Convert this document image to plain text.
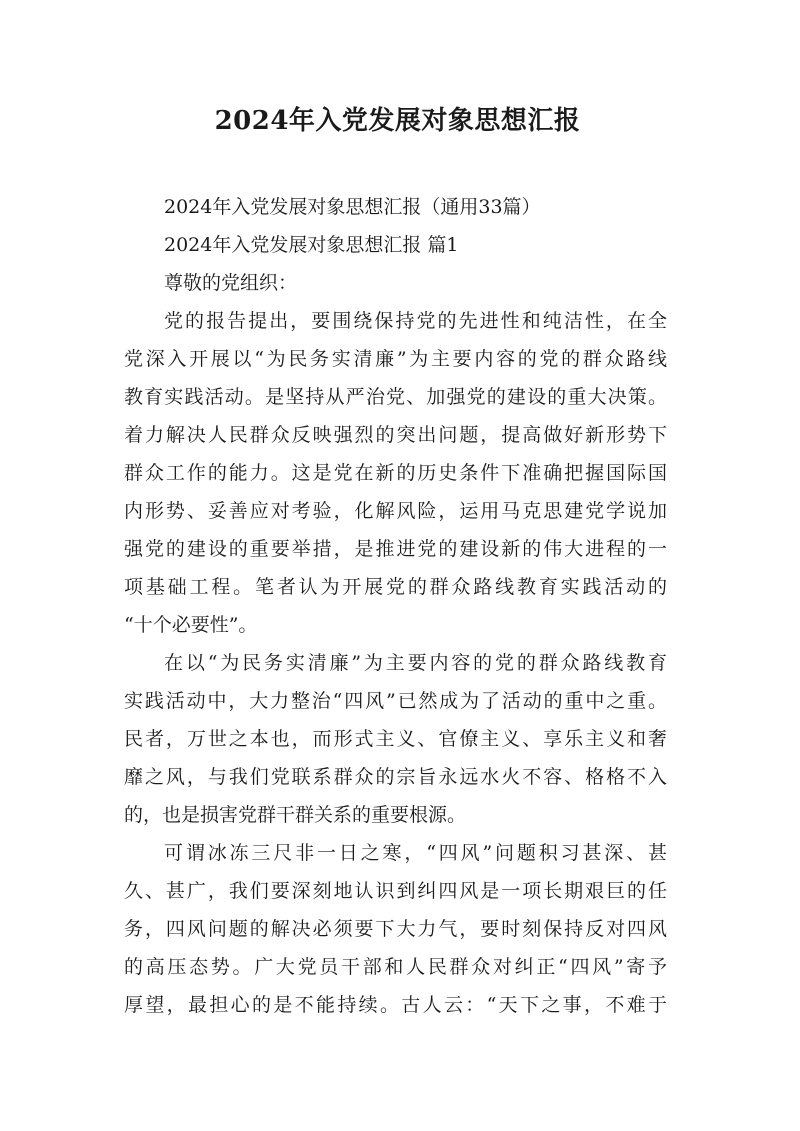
2024年入党发展对象思想汇报
2024年入党发展对象思想汇报（通用33篇）
2024年入党发展对象思想汇报 篇1
尊敬的党组织：
党的报告提出，要围绕保持党的先进性和纯洁性，在全
党深入开展以“为民务实清廉”为主要内容的党的群众路线
教育实践活动。是坚持从严治党、加强党的建设的重大决策。
着力解决人民群众反映强烈的突出问题，提高做好新形势下
群众工作的能力。这是党在新的历史条件下准确把握国际国
内形势、妥善应对考验，化解风险，运用马克思建党学说加
强党的建设的重要举措，是推进党的建设新的伟大进程的一
项基础工程。笔者认为开展党的群众路线教育实践活动的
“十个必要性”。
在以“为民务实清廉”为主要内容的党的群众路线教育
实践活动中，大力整治“四风”已然成为了活动的重中之重。
民者，万世之本也，而形式主义、官僚主义、享乐主义和奢
靡之风，与我们党联系群众的宗旨永远水火不容、格格不入
的，也是损害党群干群关系的重要根源。
可谓冰冻三尺非一日之寒，“四风”问题积习甚深、甚
久、甚广，我们要深刻地认识到纠四风是一项长期艰巨的任
务，四风问题的解决必须要下大力气，要时刻保持反对四风
的高压态势。广大党员干部和人民群众对纠正“四风”寄予
厚望，最担心的是不能持续。古人云：“天下之事，不难于
